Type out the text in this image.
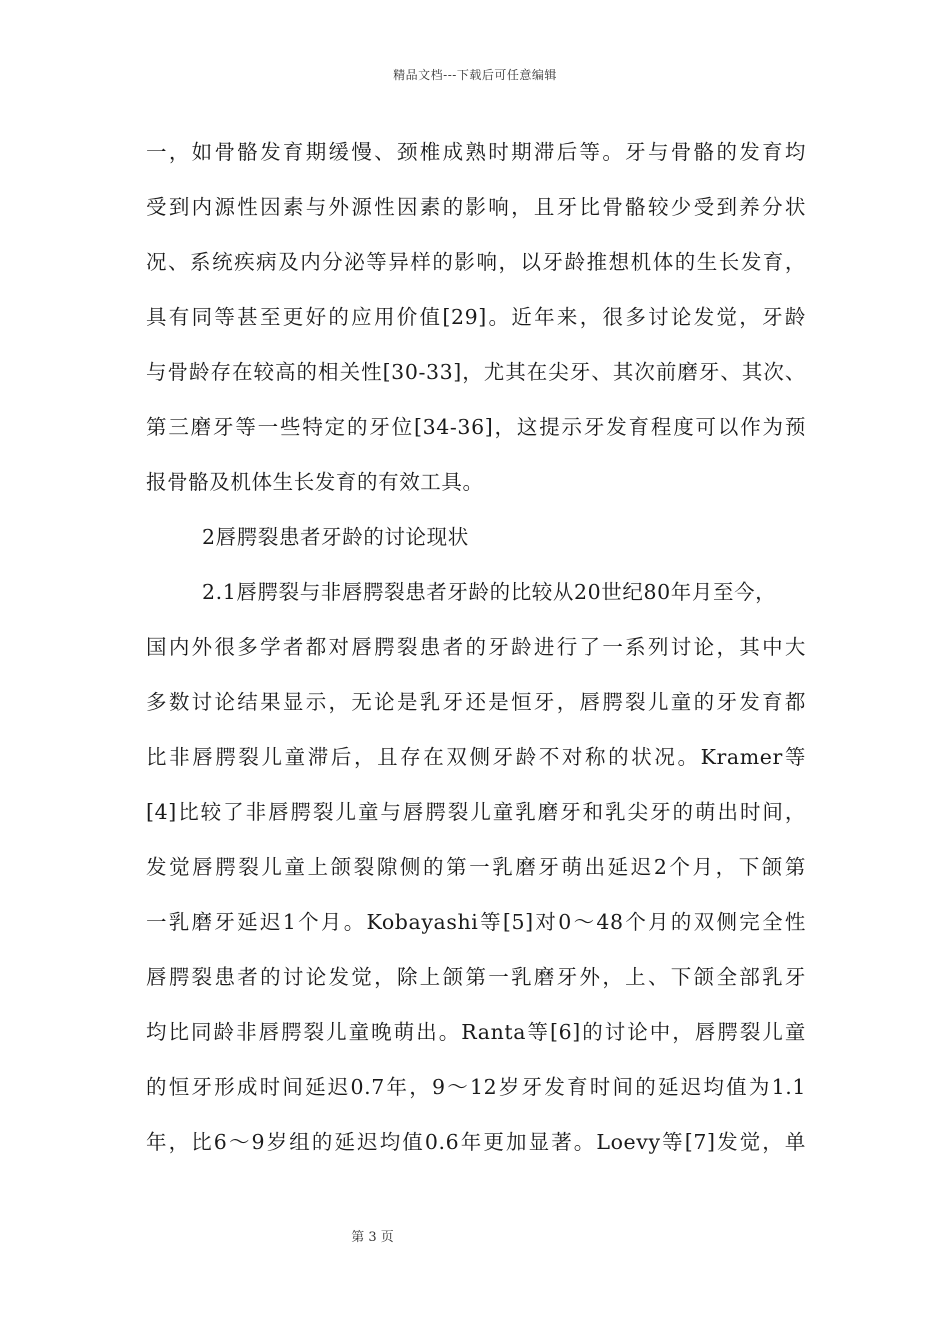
精品文档---下载后可任意编辑
一，如骨骼发育期缓慢、颈椎成熟时期滞后等。牙与骨骼的发育均
受到内源性因素与外源性因素的影响，且牙比骨骼较少受到养分状
况、系统疾病及内分泌等异样的影响，以牙龄推想机体的生长发育，
具有同等甚至更好的应用价值[29]。近年来，很多讨论发觉，牙龄
与骨龄存在较高的相关性[30-33]，尤其在尖牙、其次前磨牙、其次、
第三磨牙等一些特定的牙位[34-36]，这提示牙发育程度可以作为预
报骨骼及机体生长发育的有效工具。
2唇腭裂患者牙龄的讨论现状
2.1唇腭裂与非唇腭裂患者牙龄的比较从20世纪80年月至今，
国内外很多学者都对唇腭裂患者的牙龄进行了一系列讨论，其中大
多数讨论结果显示，无论是乳牙还是恒牙，唇腭裂儿童的牙发育都
比非唇腭裂儿童滞后，且存在双侧牙龄不对称的状况。Kramer等
[4]比较了非唇腭裂儿童与唇腭裂儿童乳磨牙和乳尖牙的萌出时间，
发觉唇腭裂儿童上颌裂隙侧的第一乳磨牙萌出延迟2个月，下颌第
一乳磨牙延迟1个月。Kobayashi等[5]对0～48个月的双侧完全性
唇腭裂患者的讨论发觉，除上颌第一乳磨牙外，上、下颌全部乳牙
均比同龄非唇腭裂儿童晚萌出。Ranta等[6]的讨论中，唇腭裂儿童
的恒牙形成时间延迟0.7年，9～12岁牙发育时间的延迟均值为1.1
年，比6～9岁组的延迟均值0.6年更加显著。Loevy等[7]发觉，单
第 3 页
